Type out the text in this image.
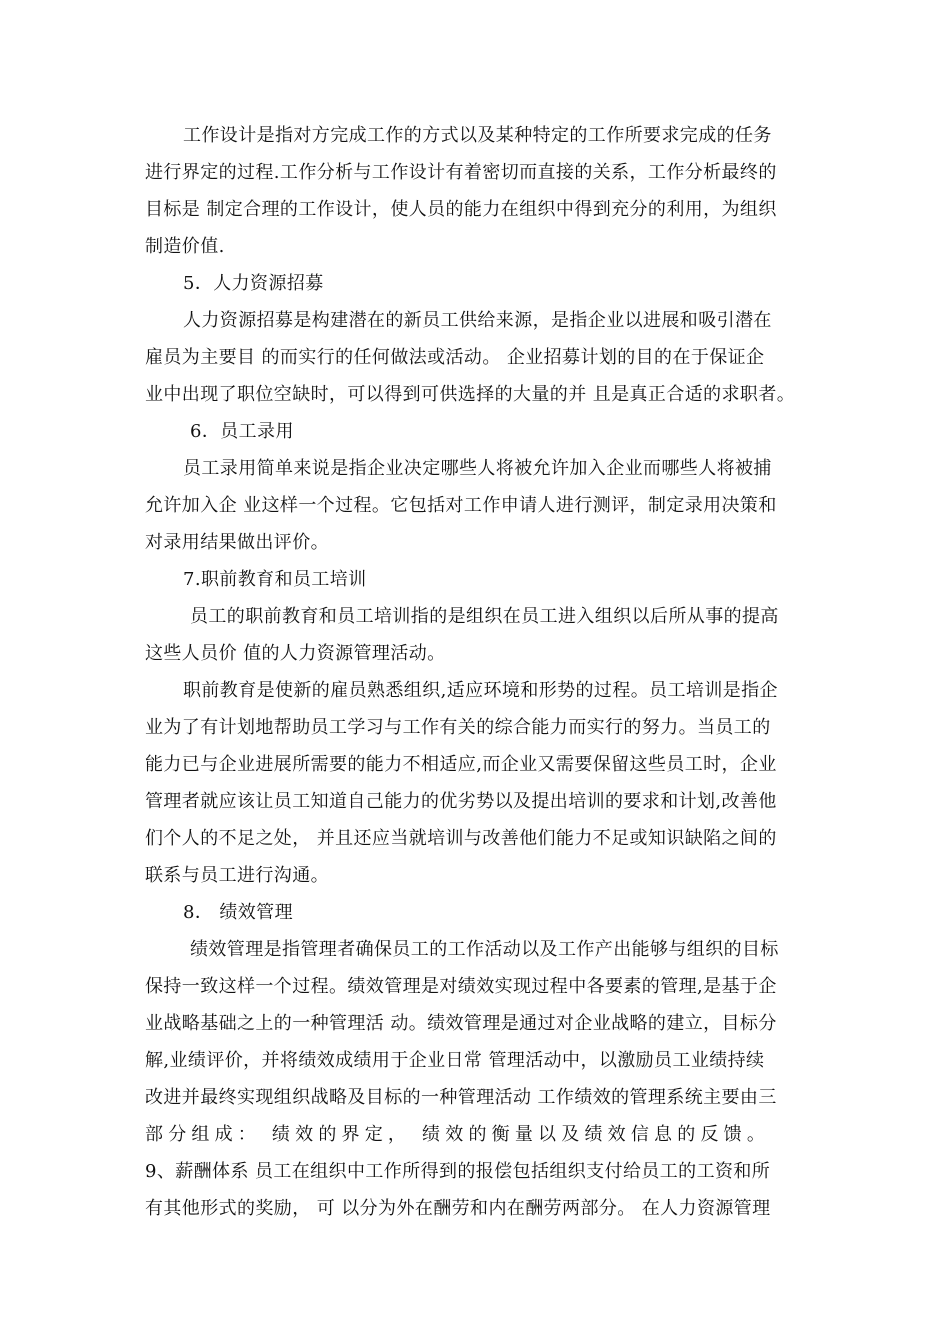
工作设计是指对方完成工作的方式以及某种特定的工作所要求完成的任务
进行界定的过程.工作分析与工作设计有着密切而直接的关系，工作分析最终的
目标是 制定合理的工作设计，使人员的能力在组织中得到充分的利用，为组织
制造价值.
5．人力资源招募
人力资源招募是构建潜在的新员工供给来源，是指企业以进展和吸引潜在
雇员为主要目 的而实行的任何做法或活动。 企业招募计划的目的在于保证企
业中出现了职位空缺时，可以得到可供选择的大量的并 且是真正合适的求职者。
6．员工录用
员工录用简单来说是指企业决定哪些人将被允许加入企业而哪些人将被捕
允许加入企 业这样一个过程。它包括对工作申请人进行测评，制定录用决策和
对录用结果做出评价。
7.职前教育和员工培训
员工的职前教育和员工培训指的是组织在员工进入组织以后所从事的提高
这些人员价 值的人力资源管理活动。
职前教育是使新的雇员熟悉组织,适应环境和形势的过程。员工培训是指企
业为了有计划地帮助员工学习与工作有关的综合能力而实行的努力。当员工的
能力已与企业进展所需要的能力不相适应,而企业又需要保留这些员工时，企业
管理者就应该让员工知道自己能力的优劣势以及提出培训的要求和计划,改善他
们个人的不足之处， 并且还应当就培训与改善他们能力不足或知识缺陷之间的
联系与员工进行沟通。
8． 绩效管理
绩效管理是指管理者确保员工的工作活动以及工作产出能够与组织的目标
保持一致这样一个过程。绩效管理是对绩效实现过程中各要素的管理,是基于企
业战略基础之上的一种管理活 动。绩效管理是通过对企业战略的建立，目标分
解,业绩评价，并将绩效成绩用于企业日常 管理活动中，以激励员工业绩持续
改进并最终实现组织战略及目标的一种管理活动 工作绩效的管理系统主要由三
部分组成： 绩效的界定， 绩效的衡量以及绩效信息的反馈。
9、薪酬体系 员工在组织中工作所得到的报偿包括组织支付给员工的工资和所
有其他形式的奖励， 可 以分为外在酬劳和内在酬劳两部分。 在人力资源管理
